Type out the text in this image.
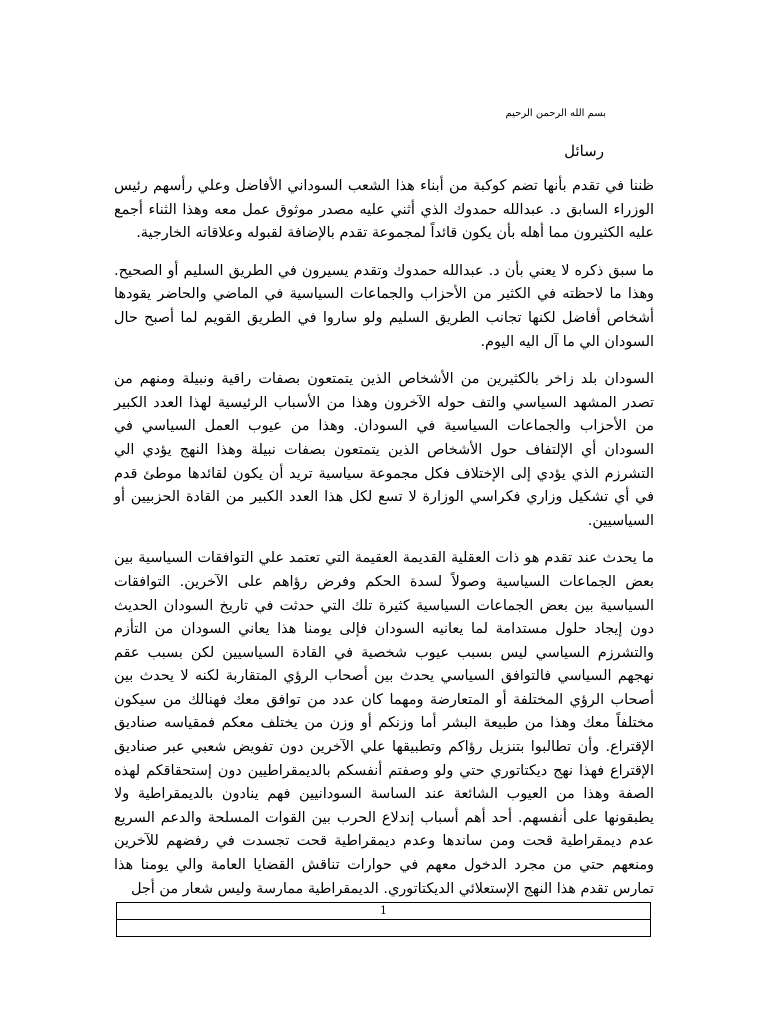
بسم الله الرحمن الرحيم
رسائل

ظننا في تقدم بأنها تضم كوكبة من أبناء هذا الشعب السوداني الأفاضل وعلي رأسهم رئيس الوزراء السابق د. عبدالله حمدوك الذي أثني عليه مصدر موثوق عمل معه وهذا الثناء أجمع عليه الكثيرون مما أهله بأن يكون قائداً لمجموعة تقدم بالإضافة لقبوله وعلاقاته الخارجية.

ما سبق ذكره لا يعني بأن د. عبدالله حمدوك وتقدم يسيرون في الطريق السليم أو الصحيح. وهذا ما لاحظته في الكثير من الأحزاب والجماعات السياسية في الماضي والحاضر يقودها أشخاص أفاضل لكنها تجانب الطريق السليم ولو ساروا في الطريق القويم لما أصبح حال السودان الي ما آل اليه اليوم.

السودان بلد زاخر بالكثيرين من الأشخاص الذين يتمتعون بصفات راقية ونبيلة ومنهم من تصدر المشهد السياسي والتف حوله الآخرون وهذا من الأسباب الرئيسية لهذا العدد الكبير من الأحزاب والجماعات السياسية في السودان. وهذا من عيوب العمل السياسي في السودان أي الإلتفاف حول الأشخاص الذين يتمتعون بصفات نبيلة وهذا النهج يؤدي الي التشرزم الذي يؤدي إلى الإختلاف فكل مجموعة سياسية تريد أن يكون لقائدها موطئ قدم في أي تشكيل وزاري فكراسي الوزارة لا تسع لكل هذا العدد الكبير من القادة الحزبيين أو السياسيين.

ما يحدث عند تقدم هو ذات العقلية القديمة العقيمة التي تعتمد علي التوافقات السياسية بين بعض الجماعات السياسية وصولاً لسدة الحكم وفرض رؤاهم على الآخرين. التوافقات السياسية بين بعض الجماعات السياسية كثيرة تلك التي حدثت في تاريخ السودان الحديث دون إيجاد حلول مستدامة لما يعانيه السودان فإلى يومنا هذا يعاني السودان من التأزم والتشرزم السياسي ليس بسبب عيوب شخصية في القادة السياسيين لكن بسبب عقم نهجهم السياسي فالتوافق السياسي يحدث بين أصحاب الرؤي المتقاربة لكنه لا يحدث بين أصحاب الرؤي المختلفة أو المتعارضة ومهما كان عدد من توافق معك فهنالك من سيكون مختلفاً معك وهذا من طبيعة البشر أما وزنكم أو وزن من يختلف معكم فمقياسه صناديق الإقتراع. وأن تطالبوا بتنزيل رؤاكم وتطبيقها علي الآخرين دون تفويض شعبي عبر صناديق الإقتراع فهذا نهج ديكتاتوري حتي ولو وصفتم أنفسكم بالديمقراطيين دون إستحقاقكم لهذه الصفة وهذا من العيوب الشائعة عند الساسة السودانيين فهم ينادون بالديمقراطية ولا يطبقونها على أنفسهم. أحد أهم أسباب إندلاع الحرب بين القوات المسلحة والدعم السريع عدم ديمقراطية قحت ومن ساندها وعدم ديمقراطية قحت تجسدت في رفضهم للآخرين ومنعهم حتي من مجرد الدخول معهم في حوارات تناقش القضايا العامة والي يومنا هذا تمارس تقدم هذا النهج الإستعلائي الديكتاتوري. الديمقراطية ممارسة وليس شعار من أجل

1
